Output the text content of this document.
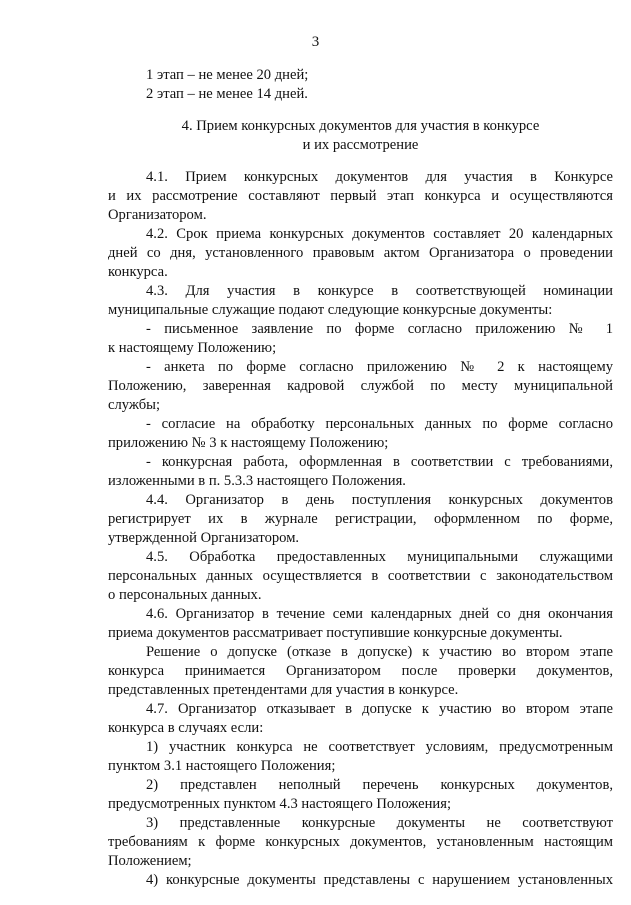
3
1 этап – не менее 20 дней;
2 этап – не менее 14 дней.
4. Прием конкурсных документов для участия в конкурсе
и их рассмотрение
4.1. Прием конкурсных документов для участия в Конкурсе
и их рассмотрение составляют первый этап конкурса и осуществляются
Организатором.
4.2. Срок приема конкурсных документов составляет 20 календарных
дней со дня, установленного правовым актом Организатора о проведении
конкурса.
4.3. Для участия в конкурсе в соответствующей номинации
муниципальные служащие подают следующие конкурсные документы:
- письменное заявление по форме согласно приложению № 1
к настоящему Положению;
- анкета по форме согласно приложению № 2 к настоящему
Положению, заверенная кадровой службой по месту муниципальной
службы;
- согласие на обработку персональных данных по форме согласно
приложению № 3 к настоящему Положению;
- конкурсная работа, оформленная в соответствии с требованиями,
изложенными в п. 5.3.3 настоящего Положения.
4.4. Организатор в день поступления конкурсных документов
регистрирует их в журнале регистрации, оформленном по форме,
утвержденной Организатором.
4.5. Обработка предоставленных муниципальными служащими
персональных данных осуществляется в соответствии с законодательством
о персональных данных.
4.6. Организатор в течение семи календарных дней со дня окончания
приема документов рассматривает поступившие конкурсные документы.
Решение о допуске (отказе в допуске) к участию во втором этапе
конкурса принимается Организатором после проверки документов,
представленных претендентами для участия в конкурсе.
4.7. Организатор отказывает в допуске к участию во втором этапе
конкурса в случаях если:
1) участник конкурса не соответствует условиям, предусмотренным
пунктом 3.1 настоящего Положения;
2) представлен неполный перечень конкурсных документов,
предусмотренных пунктом 4.3 настоящего Положения;
3) представленные конкурсные документы не соответствуют
требованиям к форме конкурсных документов, установленным настоящим
Положением;
4) конкурсные документы представлены с нарушением установленных
